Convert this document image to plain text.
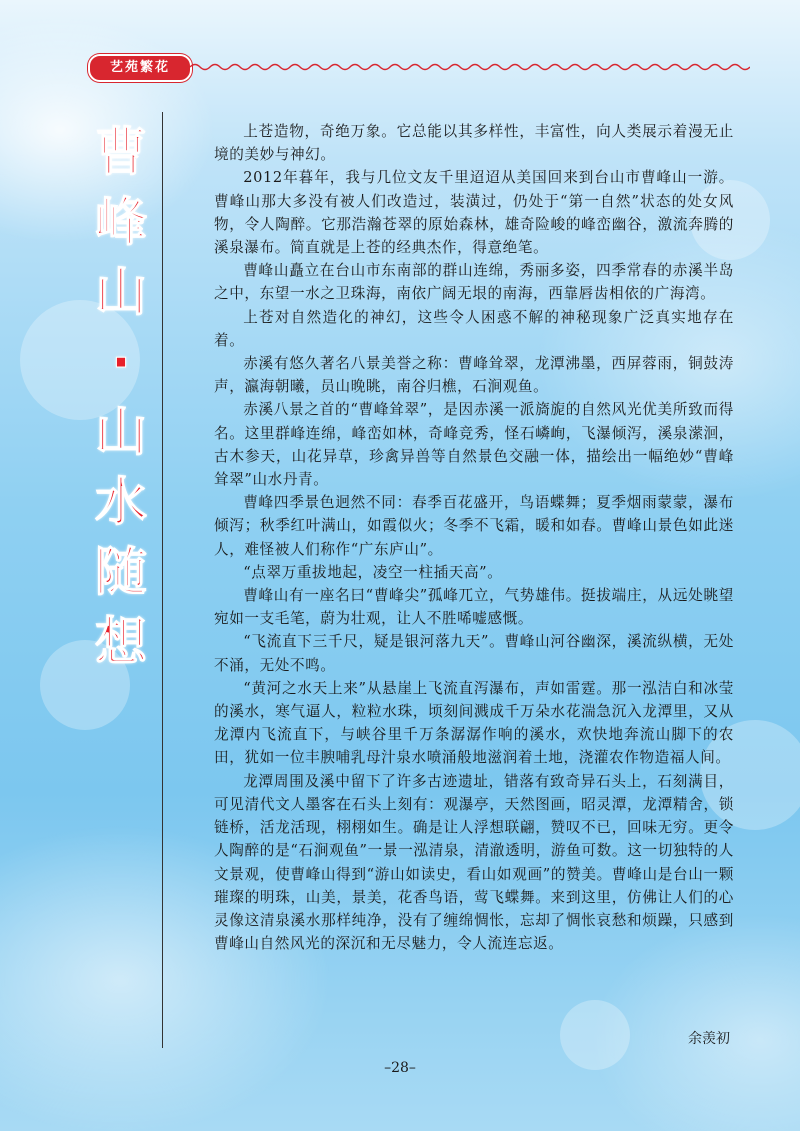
艺苑繁花
曹
峰
山
·
山
水
随
想

上苍造物，奇绝万象。它总能以其多样性，丰富性，向人类展示着漫无止境的美妙与神幻。

2012年暮年，我与几位文友千里迢迢从美国回来到台山市曹峰山一游。曹峰山那大多没有被人们改造过，装潢过，仍处于“第一自然”状态的处女风物，令人陶醉。它那浩瀚苍翠的原始森林，雄奇险峻的峰峦幽谷，激流奔腾的溪泉瀑布。简直就是上苍的经典杰作，得意绝笔。

曹峰山矗立在台山市东南部的群山连绵，秀丽多姿，四季常春的赤溪半岛之中，东望一水之卫珠海，南依广阔无垠的南海，西靠唇齿相依的广海湾。

上苍对自然造化的神幻，这些令人困惑不解的神秘现象广泛真实地存在着。

赤溪有悠久著名八景美誉之称：曹峰耸翠，龙潭沸墨，西屏蓉雨，铜鼓涛声，瀛海朝曦，员山晚眺，南谷归樵，石涧观鱼。

赤溪八景之首的“曹峰耸翠”，是因赤溪一派旖旎的自然风光优美所致而得名。这里群峰连绵，峰峦如林，奇峰竞秀，怪石嶙峋，飞瀑倾泻，溪泉潆洄，古木参天，山花异草，珍禽异兽等自然景色交融一体，描绘出一幅绝妙“曹峰耸翠”山水丹青。

曹峰四季景色迥然不同：春季百花盛开，鸟语蝶舞；夏季烟雨蒙蒙，瀑布倾泻；秋季红叶满山，如霞似火；冬季不飞霜，暖和如春。曹峰山景色如此迷人，难怪被人们称作“广东庐山”。

“点翠万重拔地起，凌空一柱插天高”。

曹峰山有一座名曰“曹峰尖”孤峰兀立，气势雄伟。挺拔端庄，从远处眺望宛如一支毛笔，蔚为壮观，让人不胜唏嘘感慨。

“飞流直下三千尺，疑是银河落九天”。曹峰山河谷幽深，溪流纵横，无处不涌，无处不鸣。

“黄河之水天上来”从悬崖上飞流直泻瀑布，声如雷霆。那一泓洁白和冰莹的溪水，寒气逼人，粒粒水珠，顷刻间溅成千万朵水花湍急沉入龙潭里，又从龙潭内飞流直下，与峡谷里千万条潺潺作响的溪水，欢快地奔流山脚下的农田，犹如一位丰腴哺乳母汁泉水喷涌般地滋润着土地，浇灌农作物造福人间。

龙潭周围及溪中留下了许多古迹遗址，错落有致奇异石头上，石刻满目，可见清代文人墨客在石头上刻有：观瀑亭，天然图画，昭灵潭，龙潭精舍，锁链桥，活龙活现，栩栩如生。确是让人浮想联翩，赞叹不已，回味无穷。更令人陶醉的是“石涧观鱼”一景一泓清泉，清澈透明，游鱼可数。这一切独特的人文景观，使曹峰山得到“游山如读史，看山如观画”的赞美。曹峰山是台山一颗璀璨的明珠，山美，景美，花香鸟语，莺飞蝶舞。来到这里，仿佛让人们的心灵像这清泉溪水那样纯净，没有了缠绵惆怅，忘却了惆怅哀愁和烦躁，只感到曹峰山自然风光的深沉和无尽魅力，令人流连忘返。

余羡初
–28–
